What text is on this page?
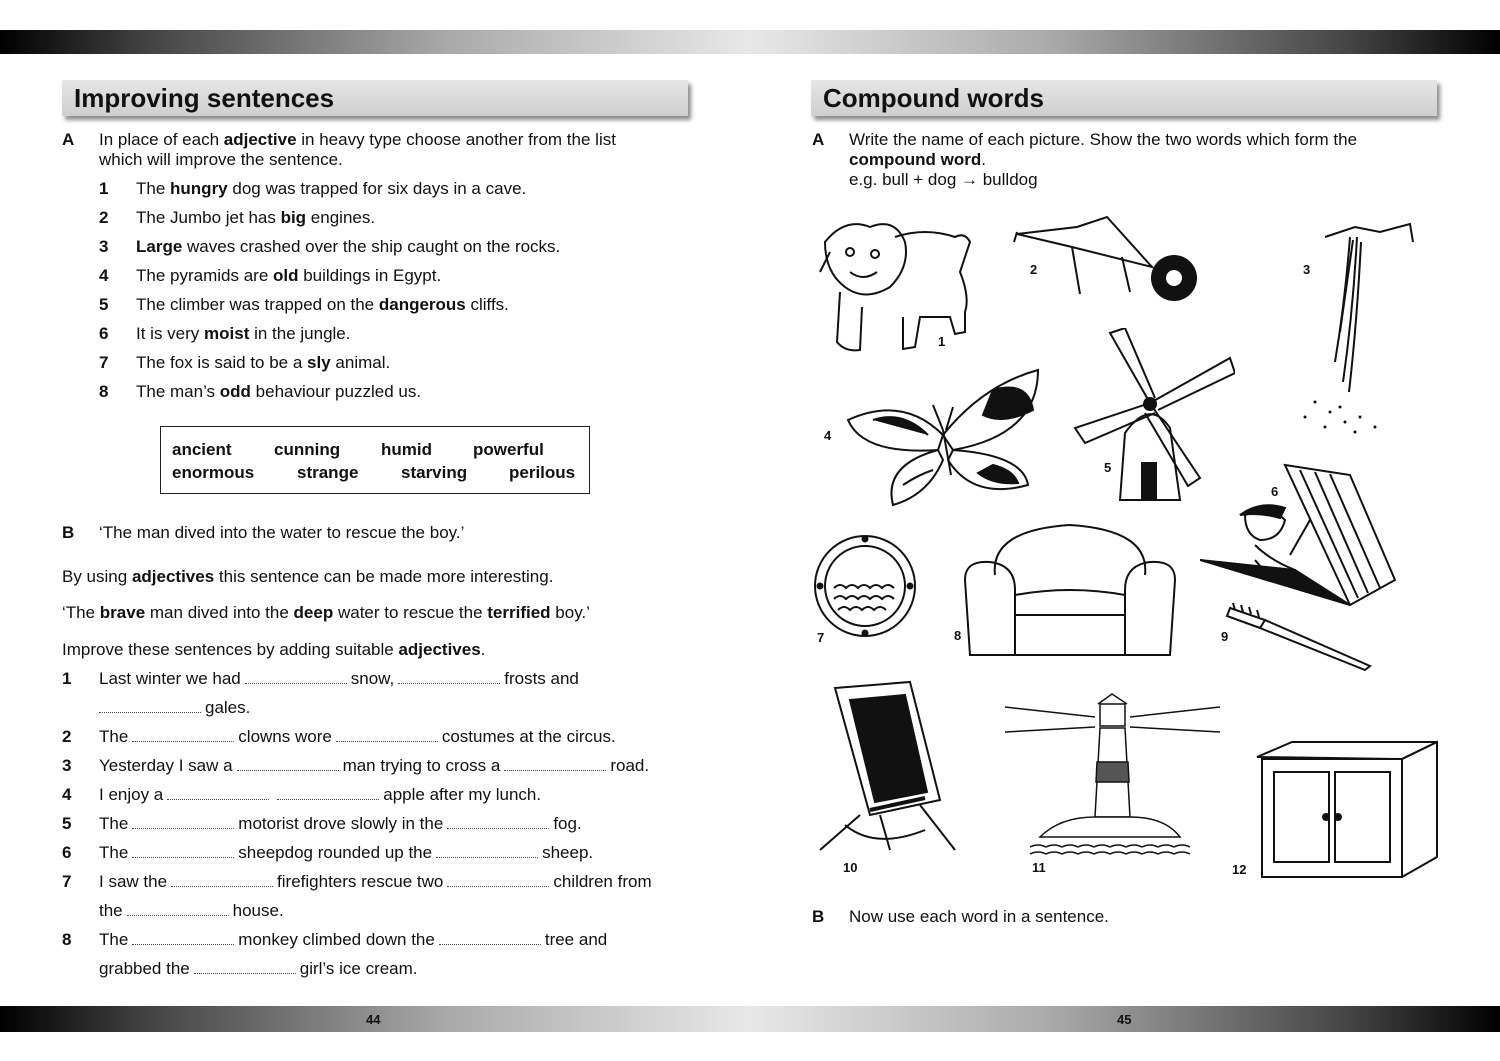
44	45
Improving sentences
A In place of each adjective in heavy type choose another from the list
which will improve the sentence.
1 The hungry dog was trapped for six days in a cave.
2 The Jumbo jet has big engines.
3 Large waves crashed over the ship caught on the rocks.
4 The pyramids are old buildings in Egypt.
5 The climber was trapped on the dangerous cliffs.
6 It is very moist in the jungle.
7 The fox is said to be a sly animal.
8 The man’s odd behaviour puzzled us.
ancient cunning humid powerful
enormous	strange	starving perilous
B ‘The man dived into the water to rescue the boy.’
By using adjectives this sentence can be made more interesting.
‘The brave man dived into the deep water to rescue the terrified boy.’
Improve these sentences by adding suitable adjectives.
1 Last winter we had	snow,	frosts and
gales.
2 The	clowns wore	costumes at the circus.
3 Yesterday I saw a	man trying to cross a	road.
4 I enjoy a	apple after my lunch.
5 The	motorist drove slowly in the	fog.
6 The	sheepdog rounded up the	sheep.
7 I saw the	firefighters rescue two	children from
the	house.
8 The	monkey climbed down the	tree and
grabbed the	girl’s ice cream.
Compound words
A Write the name of each picture. Show the two words which form the
compound word.
e.g. bull + dog → bulldog
1
2	3
4
5
6
7	8	9
10	11	12
B Now use each word in a sentence.
